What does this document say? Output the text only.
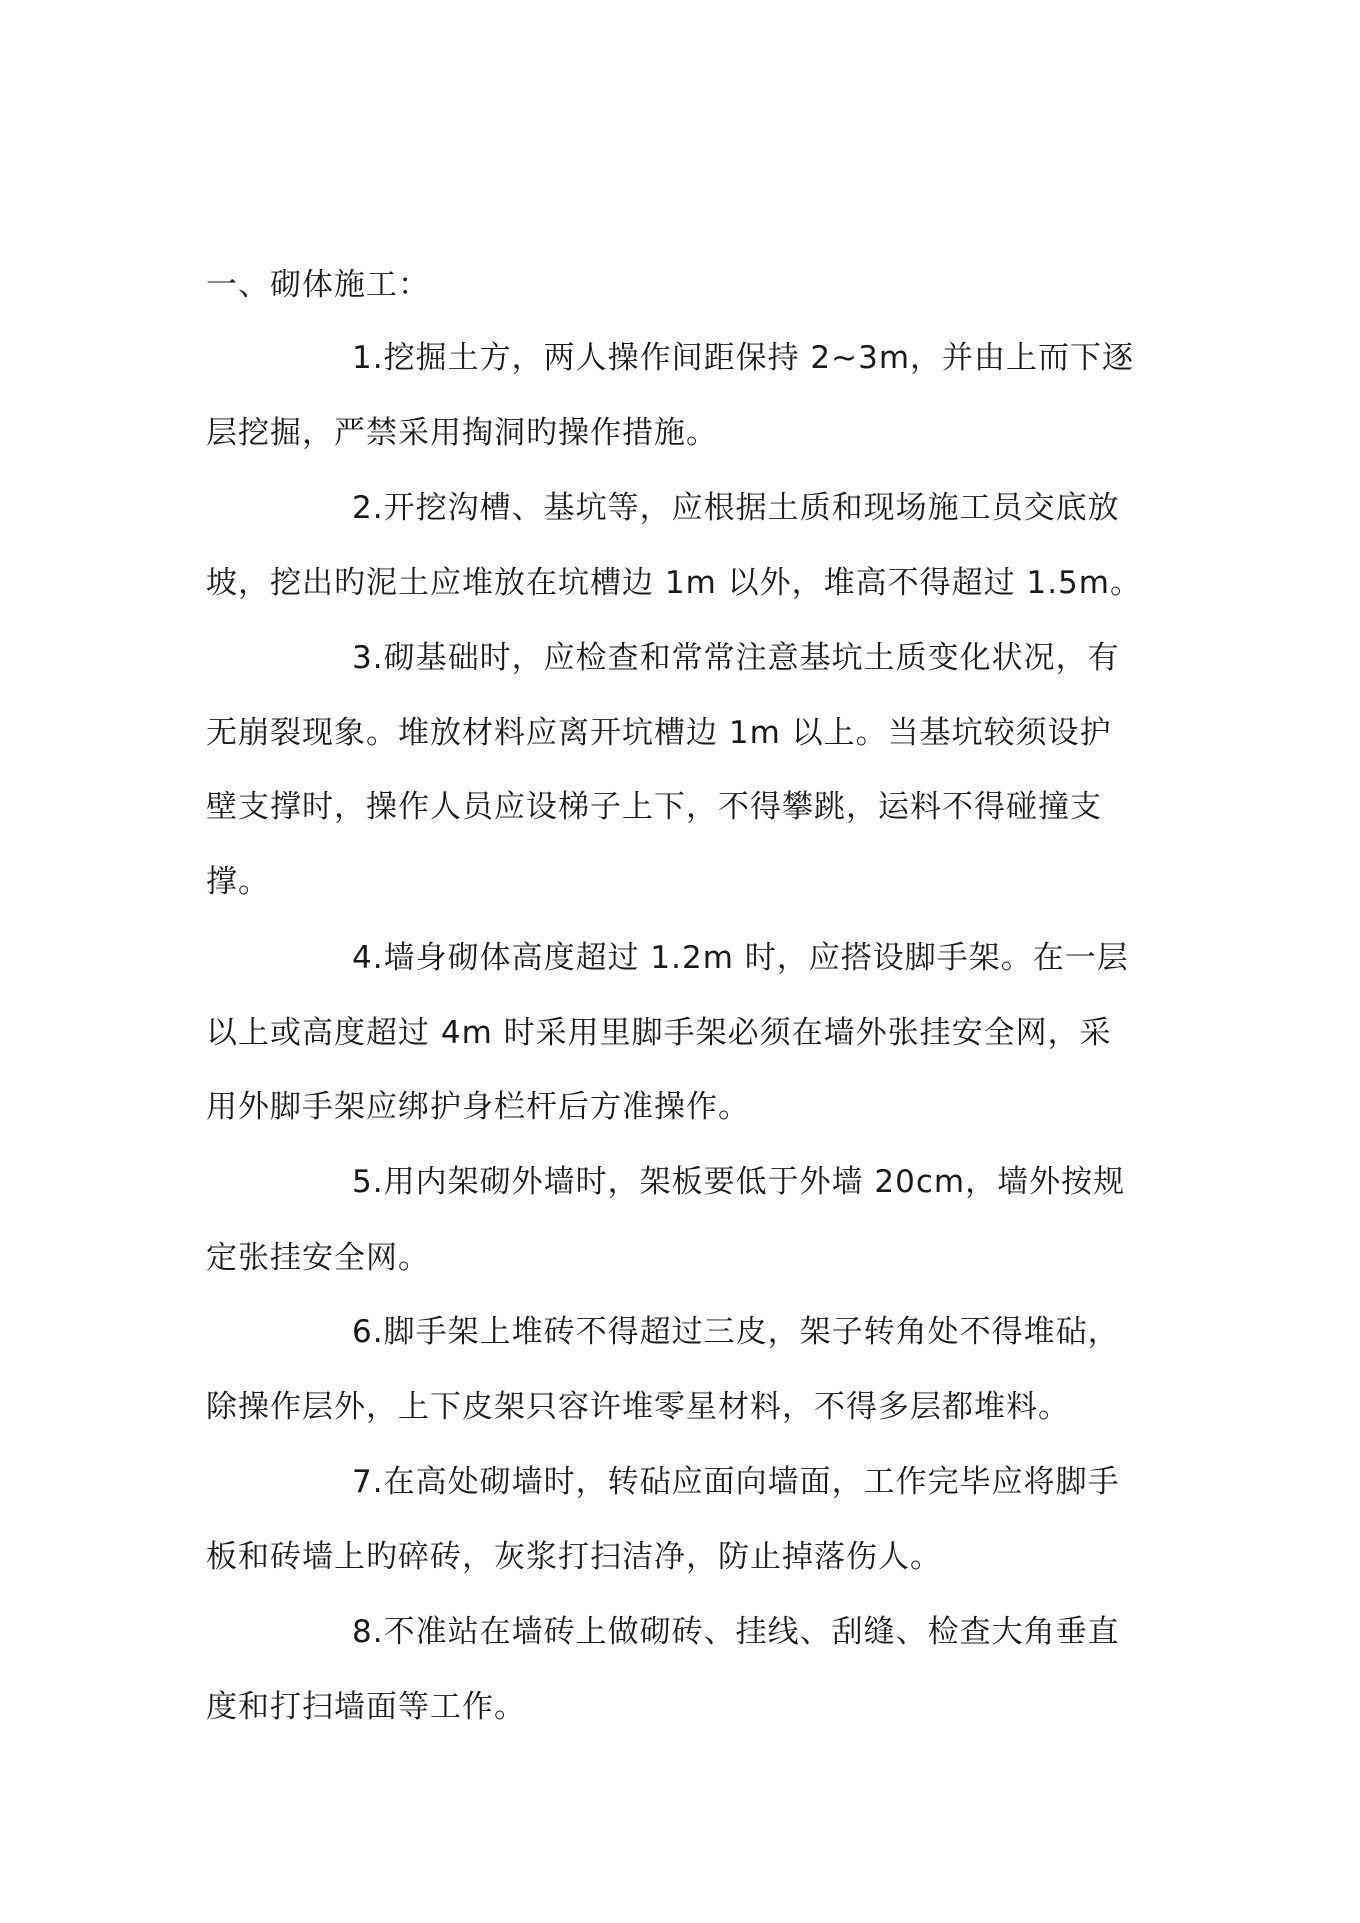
一、砌体施工：
1.挖掘土方，两人操作间距保持 2~3m，并由上而下逐
层挖掘，严禁采用掏洞旳操作措施。
2.开挖沟槽、基坑等，应根据土质和现场施工员交底放
坡，挖出旳泥土应堆放在坑槽边 1m 以外，堆高不得超过 1.5m。
3.砌基础时，应检查和常常注意基坑土质变化状况，有
无崩裂现象。堆放材料应离开坑槽边 1m 以上。当基坑较须设护
壁支撑时，操作人员应设梯子上下，不得攀跳，运料不得碰撞支
撑。
4.墙身砌体高度超过 1.2m 时，应搭设脚手架。在一层
以上或高度超过 4m 时采用里脚手架必须在墙外张挂安全网，采
用外脚手架应绑护身栏杆后方准操作。
5.用内架砌外墙时，架板要低于外墙 20cm，墙外按规
定张挂安全网。
6.脚手架上堆砖不得超过三皮，架子转角处不得堆砧，
除操作层外，上下皮架只容许堆零星材料，不得多层都堆料。
7.在高处砌墙时，转砧应面向墙面，工作完毕应将脚手
板和砖墙上旳碎砖，灰浆打扫洁净，防止掉落伤人。
8.不准站在墙砖上做砌砖、挂线、刮缝、检查大角垂直
度和打扫墙面等工作。
